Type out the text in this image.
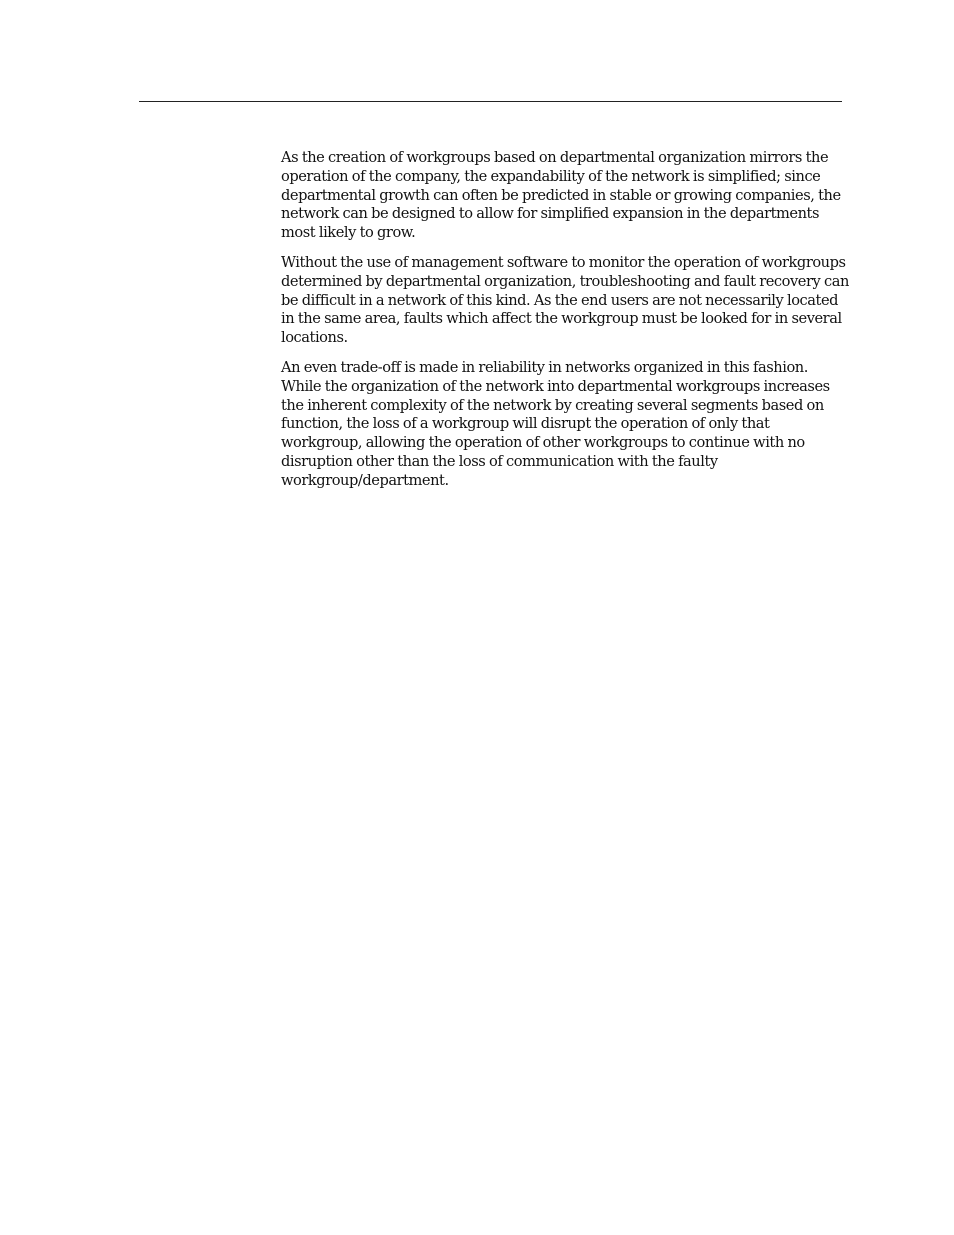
As the creation of workgroups based on departmental organization mirrors the
operation of the company, the expandability of the network is simplified; since
departmental growth can often be predicted in stable or growing companies, the
network can be designed to allow for simplified expansion in the departments
most likely to grow.

Without the use of management software to monitor the operation of workgroups
determined by departmental organization, troubleshooting and fault recovery can
be difficult in a network of this kind. As the end users are not necessarily located
in the same area, faults which affect the workgroup must be looked for in several
locations.

An even trade-off is made in reliability in networks organized in this fashion.
While the organization of the network into departmental workgroups increases
the inherent complexity of the network by creating several segments based on
function, the loss of a workgroup will disrupt the operation of only that
workgroup, allowing the operation of other workgroups to continue with no
disruption other than the loss of communication with the faulty
workgroup/department.
